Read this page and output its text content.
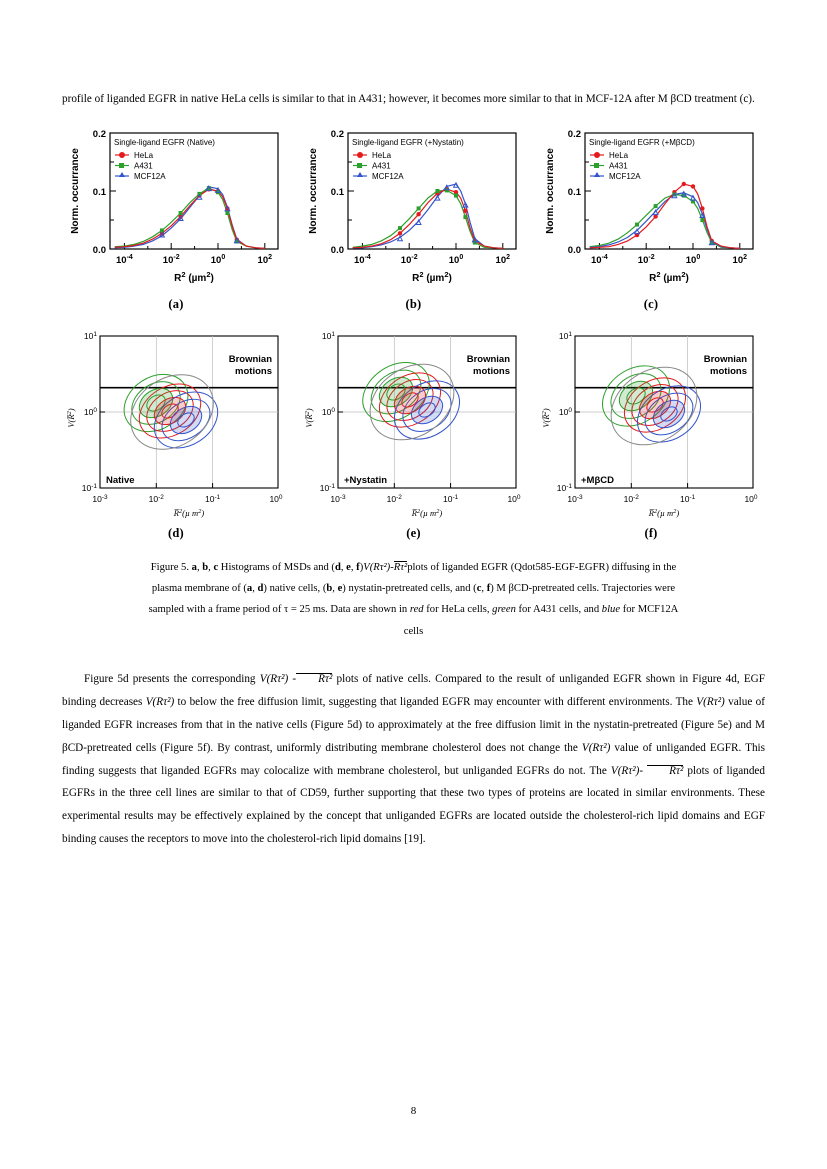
profile of liganded EGFR in native HeLa cells is similar to that in A431; however, it becomes more similar to that in MCF-12A after M βCD treatment (c).

0.2
0.1
0.0
$10^{-4}$	$10^{-2}$	$10^0$	$10^2$
$R^2$ (µm$^2$)
Norm. occurrance
Single-ligand EGFR (Native)
HeLa
A431
MCF12A
(a)
0.2
0.1
0.0
$10^{-4}$	$10^{-2}$	$10^0$	$10^2$
$R^2$ (µm$^2$)
Norm. occurrance
Single-ligand EGFR (+Nystatin)
HeLa
A431
MCF12A
(b)
0.2
0.1
0.0
$10^{-4}$	$10^{-2}$	$10^0$	$10^2$
$R^2$ (µm$^2$)
Norm. occurrance
Single-ligand EGFR (+MβCD)
HeLa
A431
MCF12A
(c)
Brownian
motions
Native
$10^1$
$10^0$
$10^{-1}$
$10^{-3}$	$10^{-2}$	$10^{-1}$	$10^0$
R̅$^2$(µ $m^2$)
V(R̅$^2$)
(d)
Brownian
motions
+Nystatin
$10^1$
$10^0$
$10^{-1}$
$10^{-3}$	$10^{-2}$	$10^{-1}$	$10^0$
R̅$^2$(µ $m^2$)
V(R̅$^2$)
(e)
Brownian
motions
+MβCD
$10^1$
$10^0$
$10^{-1}$
$10^{-3}$	$10^{-2}$	$10^{-1}$	$10^0$
R̅$^2$(µ $m^2$)
V(R̅$^2$)
(f)
Figure 5. a, b, c Histograms of MSDs and (d, e, f)V(Rτ²)-Rτ²plots of liganded EGFR (Qdot585-EGF-EGFR) diffusing in the
plasma membrane of (a, d) native cells, (b, e) nystatin-pretreated cells, and (c, f) M βCD-pretreated cells. Trajectories were
sampled with a frame period of τ = 25 ms. Data are shown in red for HeLa cells, green for A431 cells, and blue for MCF12A
cells

Figure 5d presents the corresponding V(Rτ²) - Rτ² plots of native cells. Compared to the result of unliganded EGFR shown in Figure 4d, EGF binding decreases V(Rτ²) to below the free diffusion limit, suggesting that liganded EGFR may encounter with different environments. The V(Rτ²) value of liganded EGFR increases from that in the native cells (Figure 5d) to approximately at the free diffusion limit in the nystatin-pretreated (Figure 5e) and M βCD-pretreated cells (Figure 5f). By contrast, uniformly distributing membrane cholesterol does not change the V(Rτ²) value of unliganded EGFR. This finding suggests that liganded EGFRs may colocalize with membrane cholesterol, but unliganded EGFRs do not. The V(Rτ²)- Rτ² plots of liganded EGFRs in the three cell lines are similar to that of CD59, further supporting that these two types of proteins are located in similar environments. These experimental results may be effectively explained by the concept that unliganded EGFRs are located outside the cholesterol-rich lipid domains and EGF binding causes the receptors to move into the cholesterol-rich lipid domains [19].

8
